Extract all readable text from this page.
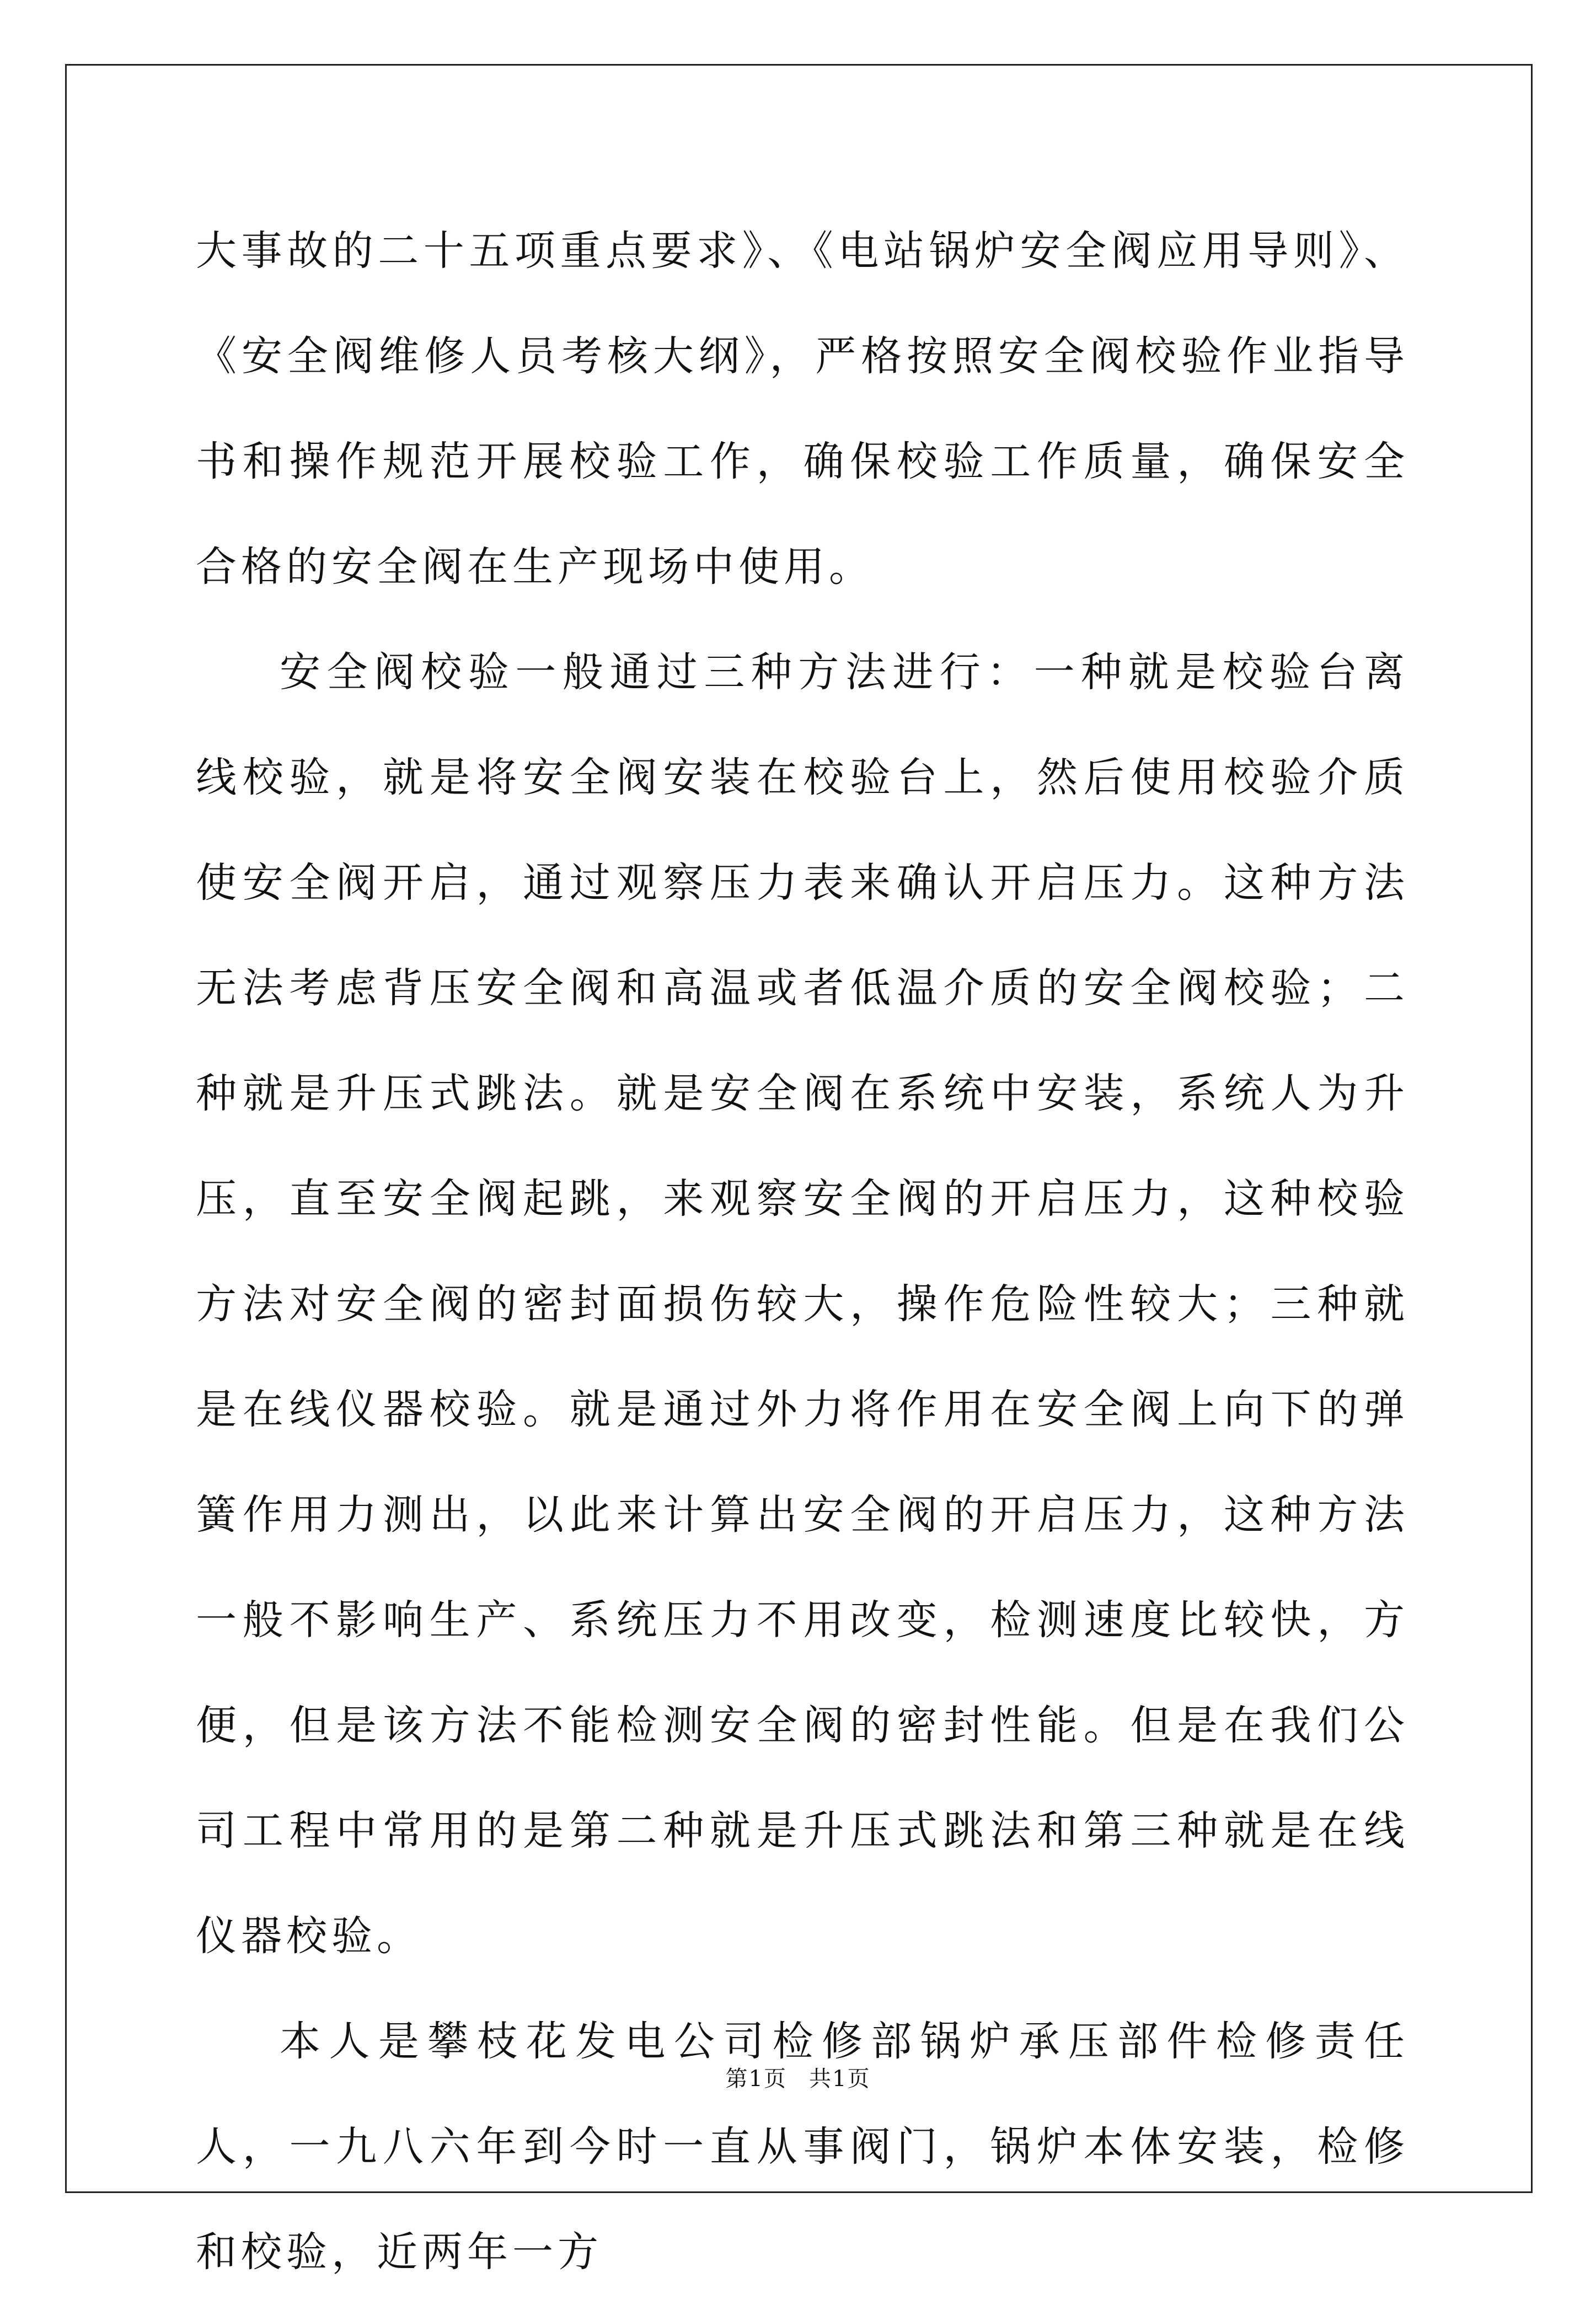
大事故的二十五项重点要求》、《电站锅炉安全阀应用导则》、《安全阀维修人员考核大纲》，严格按照安全阀校验作业指导书和操作规范开展校验工作，确保校验工作质量，确保安全合格的安全阀在生产现场中使用。

安全阀校验一般通过三种方法进行：一种就是校验台离线校验，就是将安全阀安装在校验台上，然后使用校验介质使安全阀开启，通过观察压力表来确认开启压力。这种方法无法考虑背压安全阀和高温或者低温介质的安全阀校验；二种就是升压式跳法。就是安全阀在系统中安装，系统人为升压，直至安全阀起跳，来观察安全阀的开启压力，这种校验方法对安全阀的密封面损伤较大，操作危险性较大；三种就是在线仪器校验。就是通过外力将作用在安全阀上向下的弹簧作用力测出，以此来计算出安全阀的开启压力，这种方法一般不影响生产、系统压力不用改变，检测速度比较快，方便，但是该方法不能检测安全阀的密封性能。但是在我们公司工程中常用的是第二种就是升压式跳法和第三种就是在线仪器校验。

本人是攀枝花发电公司检修部锅炉承压部件检修责任人，一九八六年到今时一直从事阀门，锅炉本体安装，检修和校验，近两年一方

第1页 共1页
